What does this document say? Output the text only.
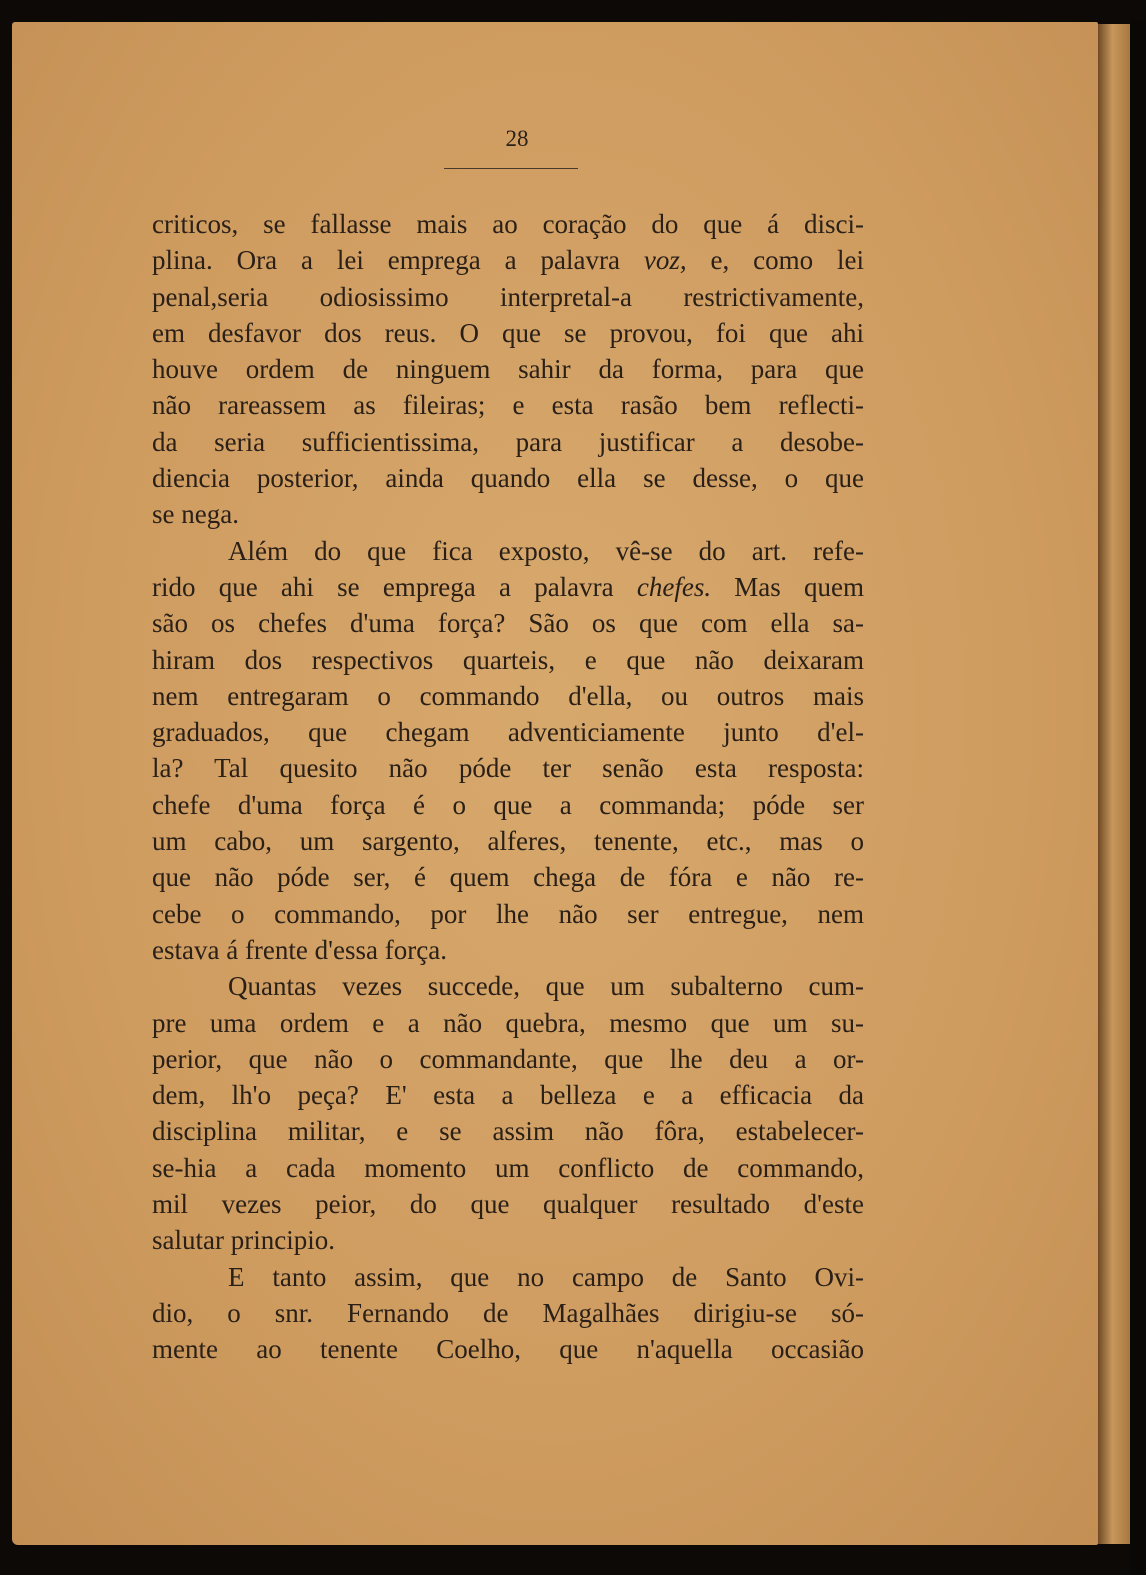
28
criticos, se fallasse mais ao coração do que á disci-
plina. Ora a lei emprega a palavra voz, e, como lei
penal,seria odiosissimo interpretal-a restrictivamente,
em desfavor dos reus. O que se provou, foi que ahi
houve ordem de ninguem sahir da forma, para que
não rareassem as fileiras; e esta rasão bem reflecti-
da seria sufficientissima, para justificar a desobe-
diencia posterior, ainda quando ella se desse, o que
se nega.
Além do que fica exposto, vê-se do art. refe-
rido que ahi se emprega a palavra chefes. Mas quem
são os chefes d'uma força? São os que com ella sa-
hiram dos respectivos quarteis, e que não deixaram
nem entregaram o commando d'ella, ou outros mais
graduados, que chegam adventiciamente junto d'el-
la? Tal quesito não póde ter senão esta resposta:
chefe d'uma força é o que a commanda; póde ser
um cabo, um sargento, alferes, tenente, etc., mas o
que não póde ser, é quem chega de fóra e não re-
cebe o commando, por lhe não ser entregue, nem
estava á frente d'essa força.
Quantas vezes succede, que um subalterno cum-
pre uma ordem e a não quebra, mesmo que um su-
perior, que não o commandante, que lhe deu a or-
dem, lh'o peça? E' esta a belleza e a efficacia da
disciplina militar, e se assim não fôra, estabelecer-
se-hia a cada momento um conflicto de commando,
mil vezes peior, do que qualquer resultado d'este
salutar principio.
E tanto assim, que no campo de Santo Ovi-
dio, o snr. Fernando de Magalhães dirigiu-se só-
mente ao tenente Coelho, que n'aquella occasião
